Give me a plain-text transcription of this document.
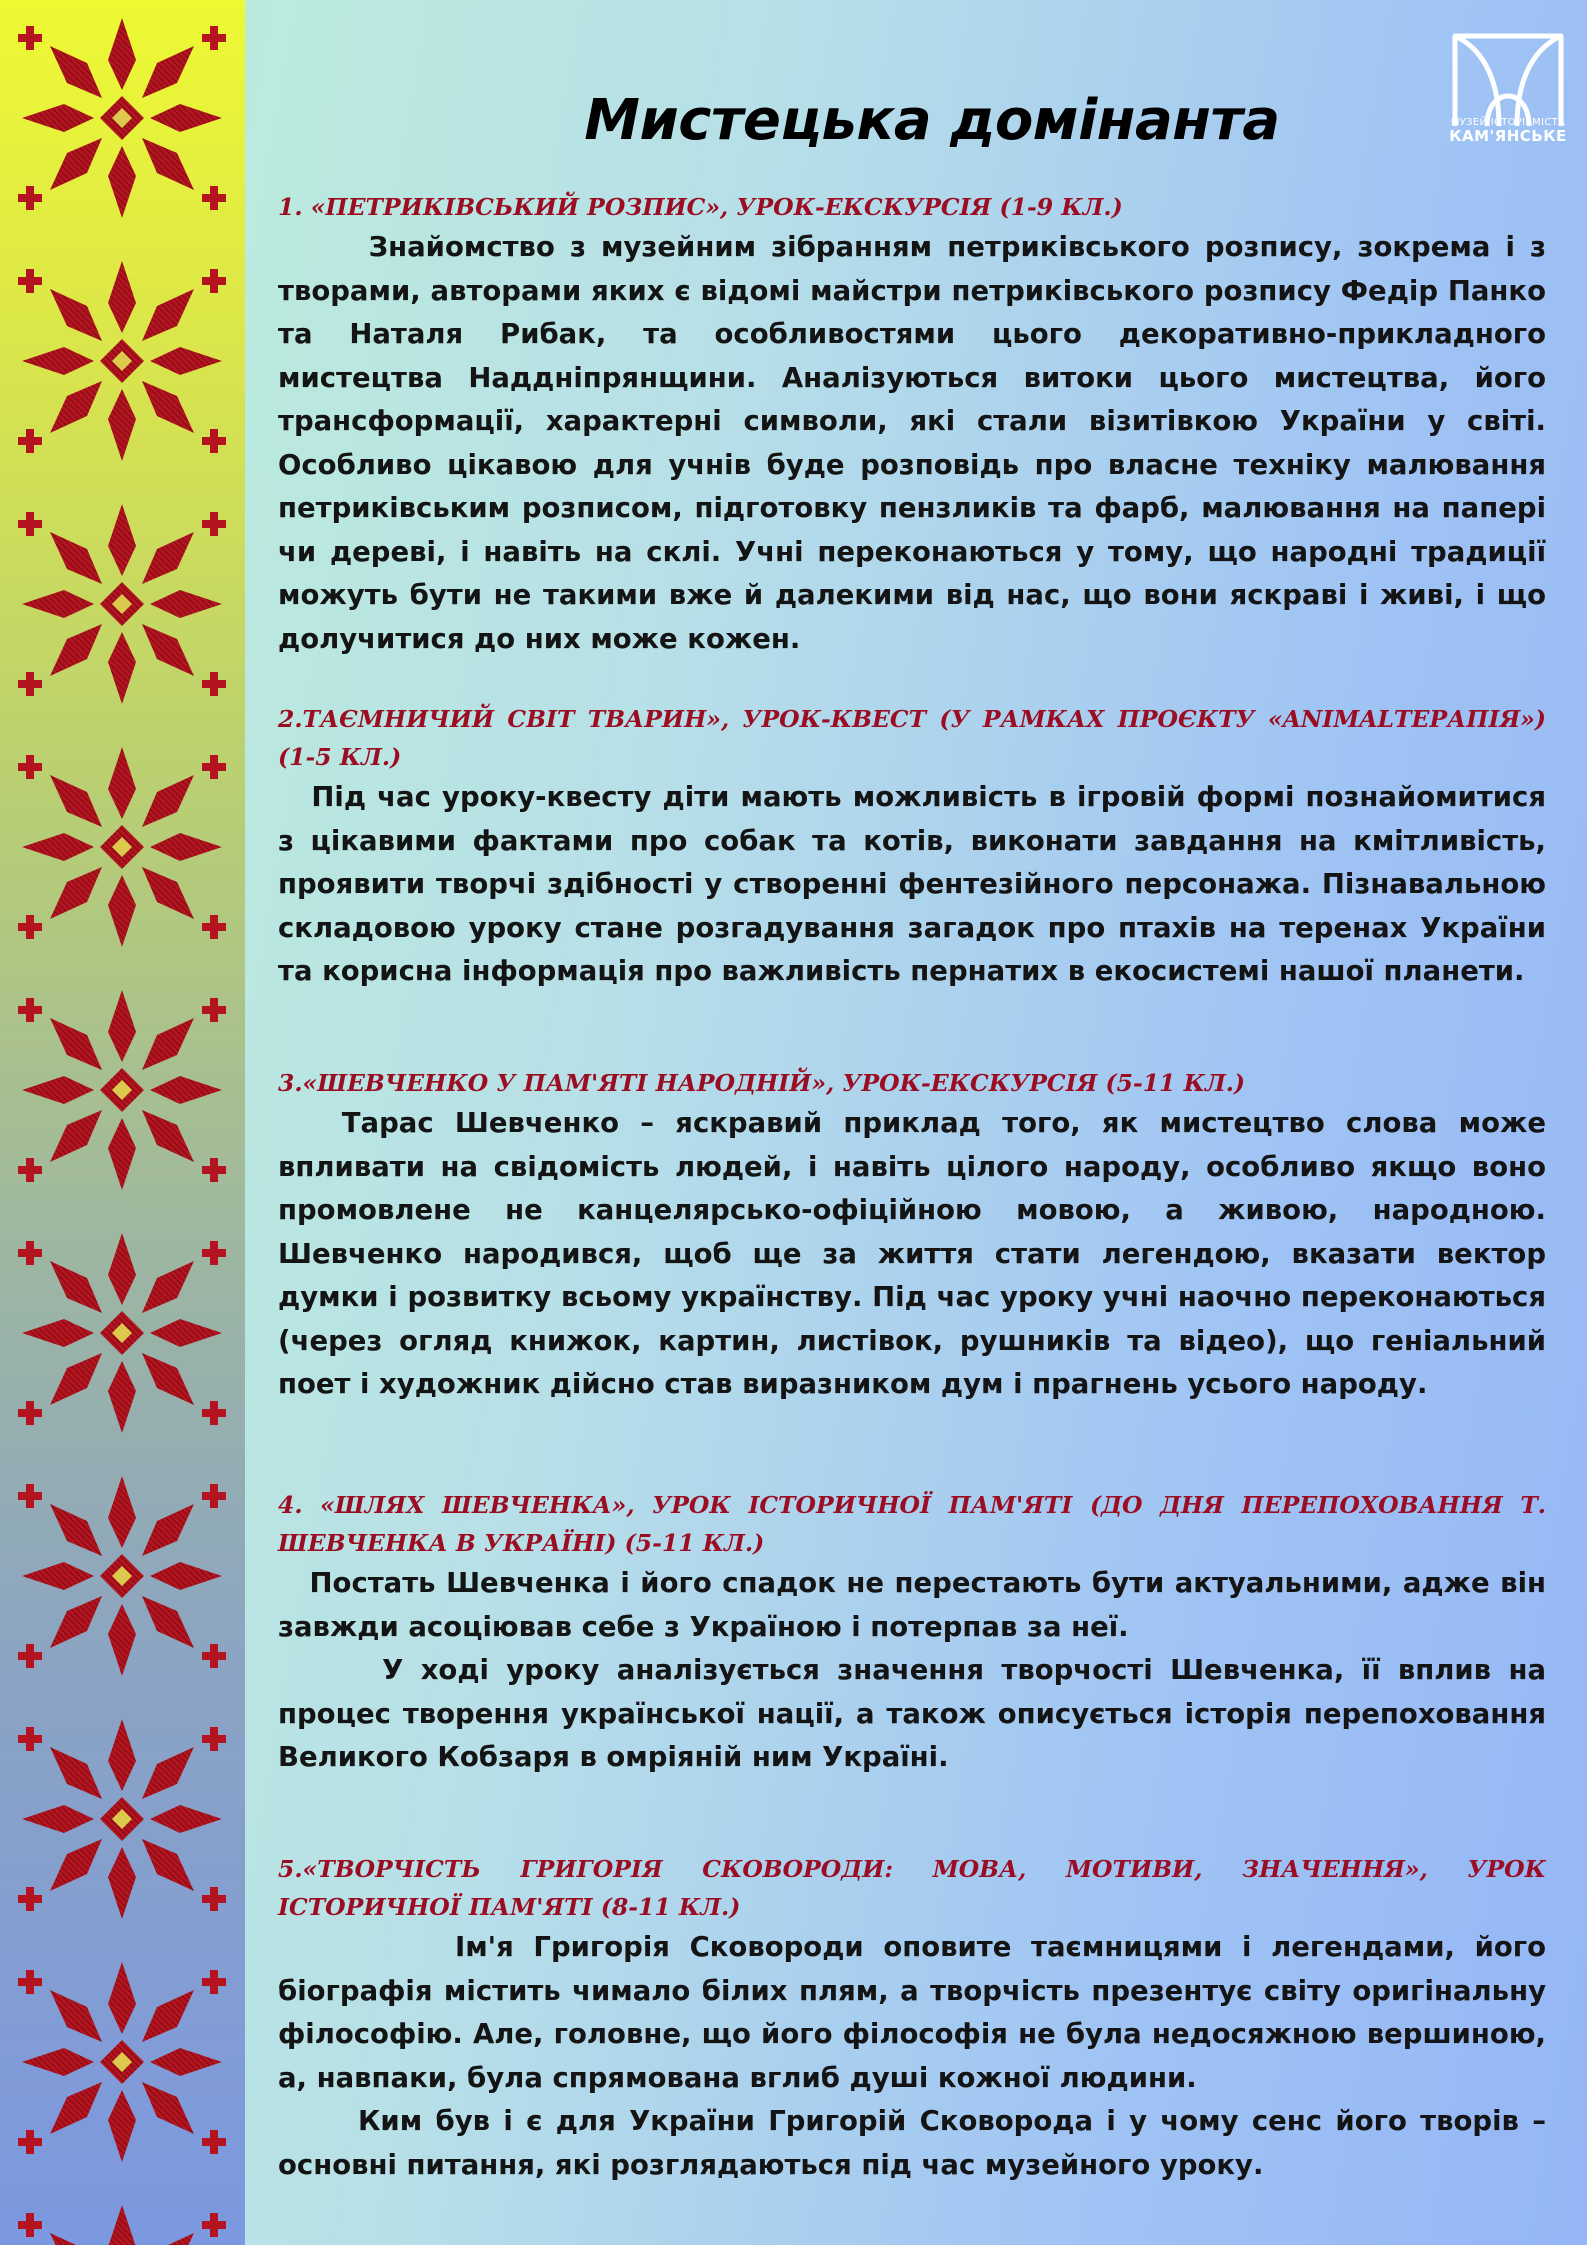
МУЗЕЙ ІСТОРІЇ МІСТА
КАМ'ЯНСЬКЕ
Мистецька домінанта
1. «ПЕТРИКІВСЬКИЙ РОЗПИС», УРОК-ЕКСКУРСІЯ (1-9 КЛ.)

Знайомство з музейним зібранням петриківського розпису, зокрема і з творами, авторами яких є відомі майстри петриківського розпису Федір Панко та Наталя Рибак, та особливостями цього декоративно-прикладного мистецтва Наддніпрянщини. Аналізуються витоки цього мистецтва, його трансформації, характерні символи, які стали візитівкою України у світі. Особливо цікавою для учнів буде розповідь про власне техніку малювання петриківським розписом, підготовку пензликів та фарб, малювання на папері чи дереві, і навіть на склі. Учні переконаються у тому, що народні традиції можуть бути не такими вже й далекими від нас, що вони яскраві і живі, і що долучитися до них може кожен.

2.ТАЄМНИЧИЙ СВІТ ТВАРИН», УРОК-КВЕСТ (У РАМКАХ ПРОЄКТУ «ANIMALТЕРАПІЯ») (1-5 КЛ.)

Під час уроку-квесту діти мають можливість в ігровій формі познайомитися з цікавими фактами про собак та котів, виконати завдання на кмітливість, проявити творчі здібності у створенні фентезійного персонажа. Пізнавальною складовою уроку стане розгадування загадок про птахів на теренах України та корисна інформація про важливість пернатих в екосистемі нашої планети.

3.«ШЕВЧЕНКО У ПАМ'ЯТІ НАРОДНІЙ», УРОК-ЕКСКУРСІЯ (5-11 КЛ.)

Тарас Шевченко – яскравий приклад того, як мистецтво слова може впливати на свідомість людей, і навіть цілого народу, особливо якщо воно промовлене не канцелярсько-офіційною мовою, а живою, народною. Шевченко народився, щоб ще за життя стати легендою, вказати вектор думки і розвитку всьому українству. Під час уроку учні наочно переконаються (через огляд книжок, картин, листівок, рушників та відео), що геніальний поет і художник дійсно став виразником дум і прагнень усього народу.

4. «ШЛЯХ ШЕВЧЕНКА», УРОК ІСТОРИЧНОЇ ПАМ'ЯТІ (ДО ДНЯ ПЕРЕПОХОВАННЯ Т. ШЕВЧЕНКА В УКРАЇНІ) (5-11 КЛ.)

Постать Шевченка і його спадок не перестають бути актуальними, адже він завжди асоціював себе з Україною і потерпав за неї.

У ході уроку аналізується значення творчості Шевченка, її вплив на процес творення української нації, а також описується історія перепоховання Великого Кобзаря в омріяній ним Україні.

5.«ТВОРЧІСТЬ ГРИГОРІЯ СКОВОРОДИ: МОВА, МОТИВИ, ЗНАЧЕННЯ», УРОК ІСТОРИЧНОЇ ПАМ'ЯТІ (8-11 КЛ.)

Ім'я Григорія Сковороди оповите таємницями і легендами, його біографія містить чимало білих плям, а творчість презентує світу оригінальну філософію. Але, головне, що його філософія не була недосяжною вершиною, а, навпаки, була спрямована вглиб душі кожної людини.

Ким був і є для України Григорій Сковорода і у чому сенс його творів – основні питання, які розглядаються під час музейного уроку.
